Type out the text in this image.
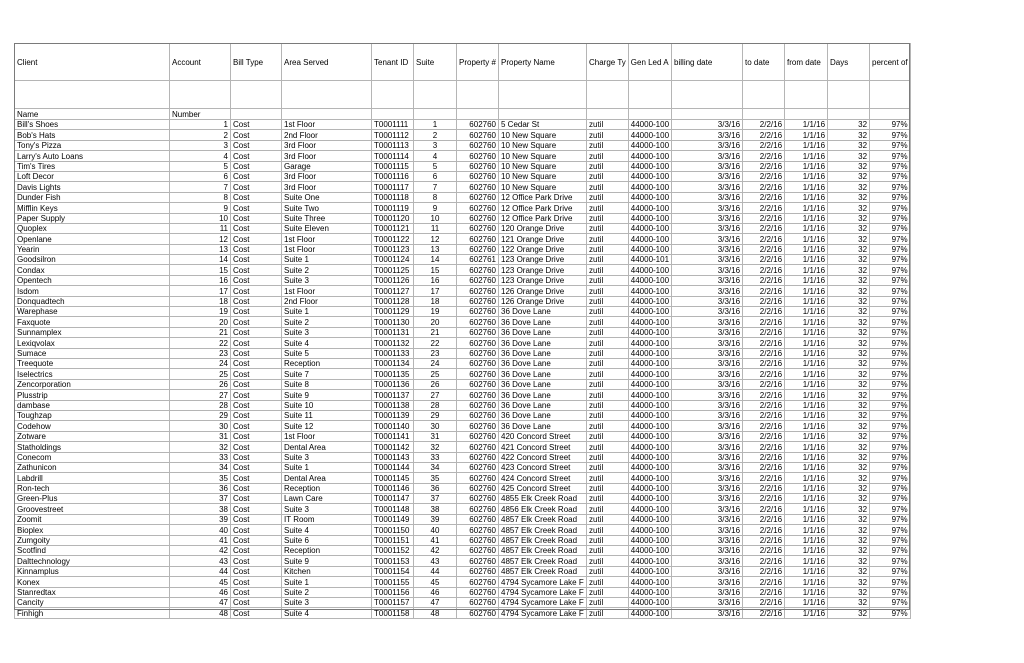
Client	Account	Bill Type	Area Served	Tenant ID	Suite	Property #	Property Name	Charge Ty	Gen Led A	billing date	to date	from date	Days	percent of

Name	Number													
Bill's Shoes	1	Cost	1st Floor	T0001111	1	602760	5 Cedar St	zutil	44000-100	3/3/16	2/2/16	1/1/16	32	97%
Bob's Hats	2	Cost	2nd Floor	T0001112	2	602760	10 New Square	zutil	44000-100	3/3/16	2/2/16	1/1/16	32	97%
Tony's Pizza	3	Cost	3rd Floor	T0001113	3	602760	10 New Square	zutil	44000-100	3/3/16	2/2/16	1/1/16	32	97%
Larry's Auto Loans	4	Cost	3rd Floor	T0001114	4	602760	10 New Square	zutil	44000-100	3/3/16	2/2/16	1/1/16	32	97%
Tim's Tires	5	Cost	Garage	T0001115	5	602760	10 New Square	zutil	44000-100	3/3/16	2/2/16	1/1/16	32	97%
Loft Decor	6	Cost	3rd Floor	T0001116	6	602760	10 New Square	zutil	44000-100	3/3/16	2/2/16	1/1/16	32	97%
Davis Lights	7	Cost	3rd Floor	T0001117	7	602760	10 New Square	zutil	44000-100	3/3/16	2/2/16	1/1/16	32	97%
Dunder Fish	8	Cost	Suite One	T0001118	8	602760	12 Office Park Drive	zutil	44000-100	3/3/16	2/2/16	1/1/16	32	97%
Mifflin Keys	9	Cost	Suite Two	T0001119	9	602760	12 Office Park Drive	zutil	44000-100	3/3/16	2/2/16	1/1/16	32	97%
Paper Supply	10	Cost	Suite Three	T0001120	10	602760	12 Office Park Drive	zutil	44000-100	3/3/16	2/2/16	1/1/16	32	97%
Quoplex	11	Cost	Suite Eleven	T0001121	11	602760	120 Orange Drive	zutil	44000-100	3/3/16	2/2/16	1/1/16	32	97%
Openlane	12	Cost	1st Floor	T0001122	12	602760	121 Orange Drive	zutil	44000-100	3/3/16	2/2/16	1/1/16	32	97%
Yearin	13	Cost	1st Floor	T0001123	13	602760	122 Orange Drive	zutil	44000-100	3/3/16	2/2/16	1/1/16	32	97%
Goodsilron	14	Cost	Suite 1	T0001124	14	602761	123 Orange Drive	zutil	44000-101	3/3/16	2/2/16	1/1/16	32	97%
Condax	15	Cost	Suite 2	T0001125	15	602760	123 Orange Drive	zutil	44000-100	3/3/16	2/2/16	1/1/16	32	97%
Opentech	16	Cost	Suite 3	T0001126	16	602760	123 Orange Drive	zutil	44000-100	3/3/16	2/2/16	1/1/16	32	97%
Isdom	17	Cost	1st Floor	T0001127	17	602760	126 Orange Drive	zutil	44000-100	3/3/16	2/2/16	1/1/16	32	97%
Donquadtech	18	Cost	2nd Floor	T0001128	18	602760	126 Orange Drive	zutil	44000-100	3/3/16	2/2/16	1/1/16	32	97%
Warephase	19	Cost	Suite 1	T0001129	19	602760	36 Dove Lane	zutil	44000-100	3/3/16	2/2/16	1/1/16	32	97%
Faxquote	20	Cost	Suite 2	T0001130	20	602760	36 Dove Lane	zutil	44000-100	3/3/16	2/2/16	1/1/16	32	97%
Sunnamplex	21	Cost	Suite 3	T0001131	21	602760	36 Dove Lane	zutil	44000-100	3/3/16	2/2/16	1/1/16	32	97%
Lexiqvolax	22	Cost	Suite 4	T0001132	22	602760	36 Dove Lane	zutil	44000-100	3/3/16	2/2/16	1/1/16	32	97%
Sumace	23	Cost	Suite 5	T0001133	23	602760	36 Dove Lane	zutil	44000-100	3/3/16	2/2/16	1/1/16	32	97%
Treequote	24	Cost	Reception	T0001134	24	602760	36 Dove Lane	zutil	44000-100	3/3/16	2/2/16	1/1/16	32	97%
Iselectrics	25	Cost	Suite 7	T0001135	25	602760	36 Dove Lane	zutil	44000-100	3/3/16	2/2/16	1/1/16	32	97%
Zencorporation	26	Cost	Suite 8	T0001136	26	602760	36 Dove Lane	zutil	44000-100	3/3/16	2/2/16	1/1/16	32	97%
Plusstrip	27	Cost	Suite 9	T0001137	27	602760	36 Dove Lane	zutil	44000-100	3/3/16	2/2/16	1/1/16	32	97%
dambase	28	Cost	Suite 10	T0001138	28	602760	36 Dove Lane	zutil	44000-100	3/3/16	2/2/16	1/1/16	32	97%
Toughzap	29	Cost	Suite 11	T0001139	29	602760	36 Dove Lane	zutil	44000-100	3/3/16	2/2/16	1/1/16	32	97%
Codehow	30	Cost	Suite 12	T0001140	30	602760	36 Dove Lane	zutil	44000-100	3/3/16	2/2/16	1/1/16	32	97%
Zotware	31	Cost	1st Floor	T0001141	31	602760	420 Concord Street	zutil	44000-100	3/3/16	2/2/16	1/1/16	32	97%
Statholdings	32	Cost	Dental Area	T0001142	32	602760	421 Concord Street	zutil	44000-100	3/3/16	2/2/16	1/1/16	32	97%
Conecom	33	Cost	Suite 3	T0001143	33	602760	422 Concord Street	zutil	44000-100	3/3/16	2/2/16	1/1/16	32	97%
Zathunicon	34	Cost	Suite 1	T0001144	34	602760	423 Concord Street	zutil	44000-100	3/3/16	2/2/16	1/1/16	32	97%
Labdrill	35	Cost	Dental Area	T0001145	35	602760	424 Concord Street	zutil	44000-100	3/3/16	2/2/16	1/1/16	32	97%
Ron-tech	36	Cost	Reception	T0001146	36	602760	425 Concord Street	zutil	44000-100	3/3/16	2/2/16	1/1/16	32	97%
Green-Plus	37	Cost	Lawn Care	T0001147	37	602760	4855 Elk Creek Road	zutil	44000-100	3/3/16	2/2/16	1/1/16	32	97%
Groovestreet	38	Cost	Suite 3	T0001148	38	602760	4856 Elk Creek Road	zutil	44000-100	3/3/16	2/2/16	1/1/16	32	97%
Zoomit	39	Cost	IT Room	T0001149	39	602760	4857 Elk Creek Road	zutil	44000-100	3/3/16	2/2/16	1/1/16	32	97%
Bioplex	40	Cost	Suite 4	T0001150	40	602760	4857 Elk Creek Road	zutil	44000-100	3/3/16	2/2/16	1/1/16	32	97%
Zumgoity	41	Cost	Suite 6	T0001151	41	602760	4857 Elk Creek Road	zutil	44000-100	3/3/16	2/2/16	1/1/16	32	97%
Scotfind	42	Cost	Reception	T0001152	42	602760	4857 Elk Creek Road	zutil	44000-100	3/3/16	2/2/16	1/1/16	32	97%
Dalttechnology	43	Cost	Suite 9	T0001153	43	602760	4857 Elk Creek Road	zutil	44000-100	3/3/16	2/2/16	1/1/16	32	97%
Kinnamplus	44	Cost	Kitchen	T0001154	44	602760	4857 Elk Creek Road	zutil	44000-100	3/3/16	2/2/16	1/1/16	32	97%
Konex	45	Cost	Suite 1	T0001155	45	602760	4794 Sycamore Lake F	zutil	44000-100	3/3/16	2/2/16	1/1/16	32	97%
Stanredtax	46	Cost	Suite 2	T0001156	46	602760	4794 Sycamore Lake F	zutil	44000-100	3/3/16	2/2/16	1/1/16	32	97%
Cancity	47	Cost	Suite 3	T0001157	47	602760	4794 Sycamore Lake F	zutil	44000-100	3/3/16	2/2/16	1/1/16	32	97%
Finhigh	48	Cost	Suite 4	T0001158	48	602760	4794 Sycamore Lake F	zutil	44000-100	3/3/16	2/2/16	1/1/16	32	97%
